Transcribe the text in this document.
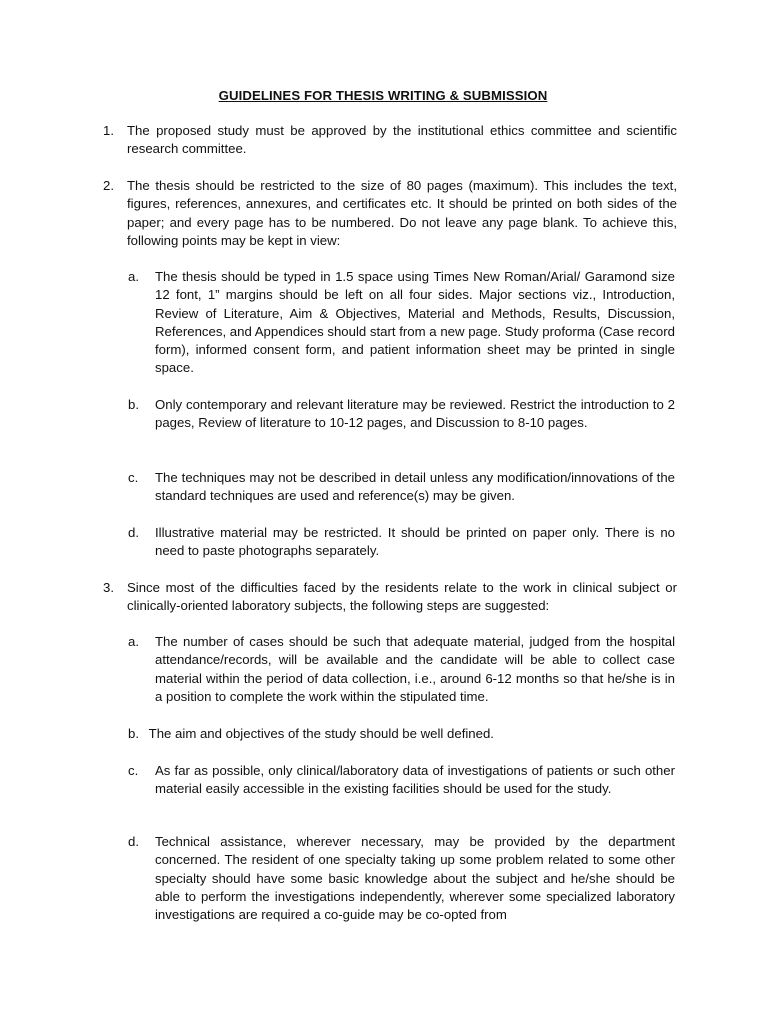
GUIDELINES FOR THESIS WRITING & SUBMISSION
1. The proposed study must be approved by the institutional ethics committee and scientific research committee.

2. The thesis should be restricted to the size of 80 pages (maximum). This includes the text, figures, references, annexures, and certificates etc. It should be printed on both sides of the paper; and every page has to be numbered. Do not leave any page blank. To achieve this, following points may be kept in view:

a. The thesis should be typed in 1.5 space using Times New Roman/Arial/ Garamond size 12 font, 1” margins should be left on all four sides. Major sections viz., Introduction, Review of Literature, Aim & Objectives, Material and Methods, Results, Discussion, References, and Appendices should start from a new page. Study proforma (Case record form), informed consent form, and patient information sheet may be printed in single space.

b. Only contemporary and relevant literature may be reviewed. Restrict the introduction to 2 pages, Review of literature to 10-12 pages, and Discussion to 8-10 pages.

c. The techniques may not be described in detail unless any modification/innovations of the standard techniques are used and reference(s) may be given.

d. Illustrative material may be restricted. It should be printed on paper only. There is no need to paste photographs separately.

3. Since most of the difficulties faced by the residents relate to the work in clinical subject or clinically-oriented laboratory subjects, the following steps are suggested:

a. The number of cases should be such that adequate material, judged from the hospital attendance/records, will be available and the candidate will be able to collect case material within the period of data collection, i.e., around 6-12 months so that he/she is in a position to complete the work within the stipulated time.

b. The aim and objectives of the study should be well defined.
c. As far as possible, only clinical/laboratory data of investigations of patients or such other material easily accessible in the existing facilities should be used for the study.

d. Technical assistance, wherever necessary, may be provided by the department concerned. The resident of one specialty taking up some problem related to some other specialty should have some basic knowledge about the subject and he/she should be able to perform the investigations independently, wherever some specialized laboratory investigations are required a co-guide may be co-opted from
